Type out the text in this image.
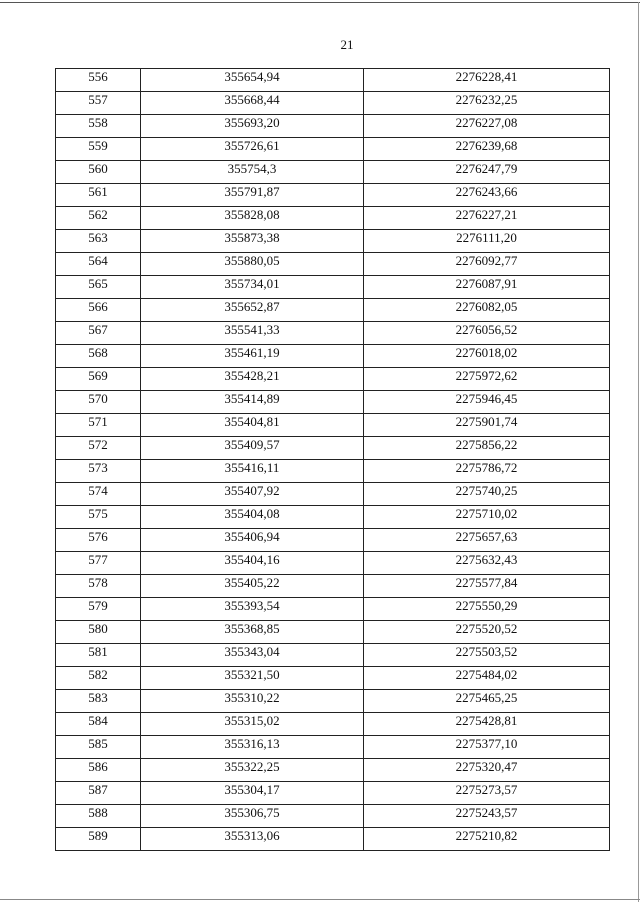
21
556	355654,94	2276228,41
557	355668,44	2276232,25
558	355693,20	2276227,08
559	355726,61	2276239,68
560	355754,3	2276247,79
561	355791,87	2276243,66
562	355828,08	2276227,21
563	355873,38	2276111,20
564	355880,05	2276092,77
565	355734,01	2276087,91
566	355652,87	2276082,05
567	355541,33	2276056,52
568	355461,19	2276018,02
569	355428,21	2275972,62
570	355414,89	2275946,45
571	355404,81	2275901,74
572	355409,57	2275856,22
573	355416,11	2275786,72
574	355407,92	2275740,25
575	355404,08	2275710,02
576	355406,94	2275657,63
577	355404,16	2275632,43
578	355405,22	2275577,84
579	355393,54	2275550,29
580	355368,85	2275520,52
581	355343,04	2275503,52
582	355321,50	2275484,02
583	355310,22	2275465,25
584	355315,02	2275428,81
585	355316,13	2275377,10
586	355322,25	2275320,47
587	355304,17	2275273,57
588	355306,75	2275243,57
589	355313,06	2275210,82
